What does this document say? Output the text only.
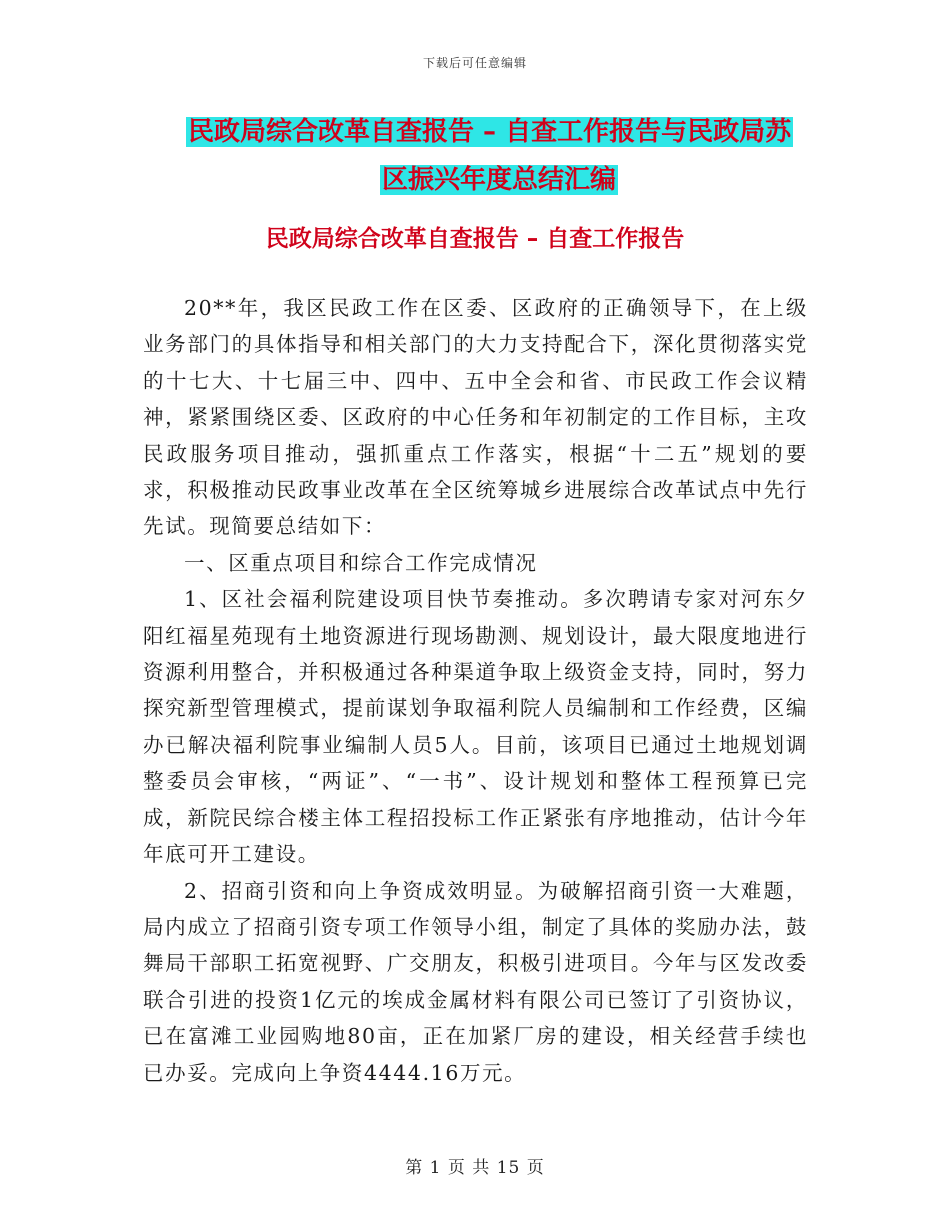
下载后可任意编辑
民政局综合改革自查报告 – 自查工作报告与民政局苏
区振兴年度总结汇编
民政局综合改革自查报告 – 自查工作报告

20**年，我区民政工作在区委、区政府的正确领导下，在上级业务部门的具体指导和相关部门的大力支持配合下，深化贯彻落实党的十七大、十七届三中、四中、五中全会和省、市民政工作会议精神，紧紧围绕区委、区政府的中心任务和年初制定的工作目标，主攻民政服务项目推动，强抓重点工作落实，根据“十二五”规划的要求，积极推动民政事业改革在全区统筹城乡进展综合改革试点中先行先试。现简要总结如下：

一、区重点项目和综合工作完成情况

1、区社会福利院建设项目快节奏推动。多次聘请专家对河东夕阳红福星苑现有土地资源进行现场勘测、规划设计，最大限度地进行资源利用整合，并积极通过各种渠道争取上级资金支持，同时，努力探究新型管理模式，提前谋划争取福利院人员编制和工作经费，区编办已解决福利院事业编制人员5人。目前，该项目已通过土地规划调整委员会审核，“两证”、“一书”、设计规划和整体工程预算已完成，新院民综合楼主体工程招投标工作正紧张有序地推动，估计今年年底可开工建设。

2、招商引资和向上争资成效明显。为破解招商引资一大难题，局内成立了招商引资专项工作领导小组，制定了具体的奖励办法，鼓舞局干部职工拓宽视野、广交朋友，积极引进项目。今年与区发改委联合引进的投资1亿元的埃成金属材料有限公司已签订了引资协议，已在富滩工业园购地80亩，正在加紧厂房的建设，相关经营手续也已办妥。完成向上争资4444.16万元。

第 1 页 共 15 页
